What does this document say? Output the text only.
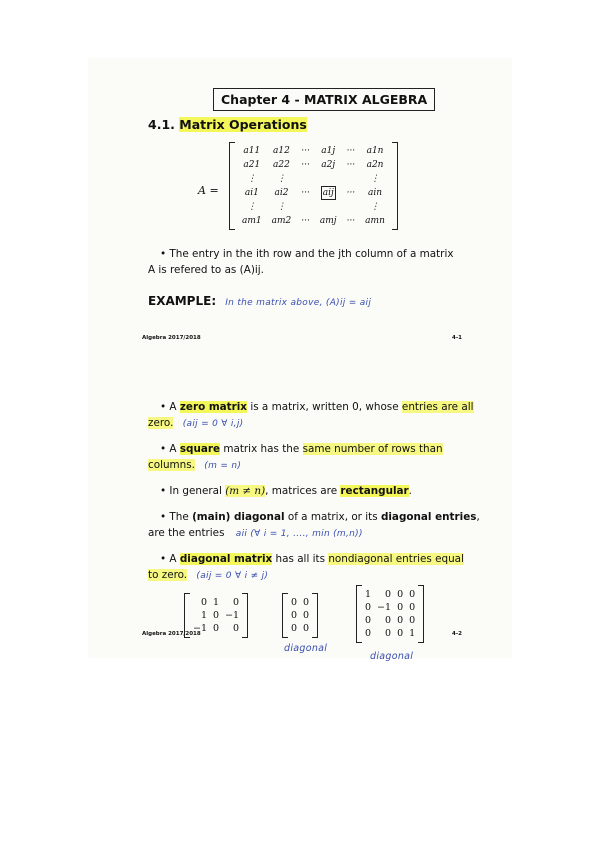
Chapter 4 - MATRIX ALGEBRA
4.1. Matrix Operations
A =
a11	a12	···	a1j	···	a1n
a21	a22	···	a2j	···	a2n
⋮	⋮				⋮
ai1	ai2	···	aij	···	ain
⋮	⋮				⋮
am1	am2	···	amj	···	amn
• The entry in the ith row and the jth column of a matrix
A is refered to as (A)ij.
EXAMPLE: In the matrix above, (A)ij = aij
Algebra 2017/2018	4-1
• A zero matrix is a matrix, written 0, whose entries are all
zero. (aij = 0 ∀ i,j)
• A square matrix has the same number of rows than
columns. (m = n)
• In general (m ≠ n), matrices are rectangular.
• The (main) diagonal of a matrix, or its diagonal entries,
are the entries aii (∀ i = 1, ...., min (m,n))
• A diagonal matrix has all its nondiagonal entries equal
to zero. (aij = 0 ∀ i ≠ j)
0	1	0
1	0	−1
−1	0	0
0	0
0	0
0	0
diagonal
1	0	0	0
0	−1	0	0
0	0	0	0
0	0	0	1
diagonal
Algebra 2017/2018	4-2
